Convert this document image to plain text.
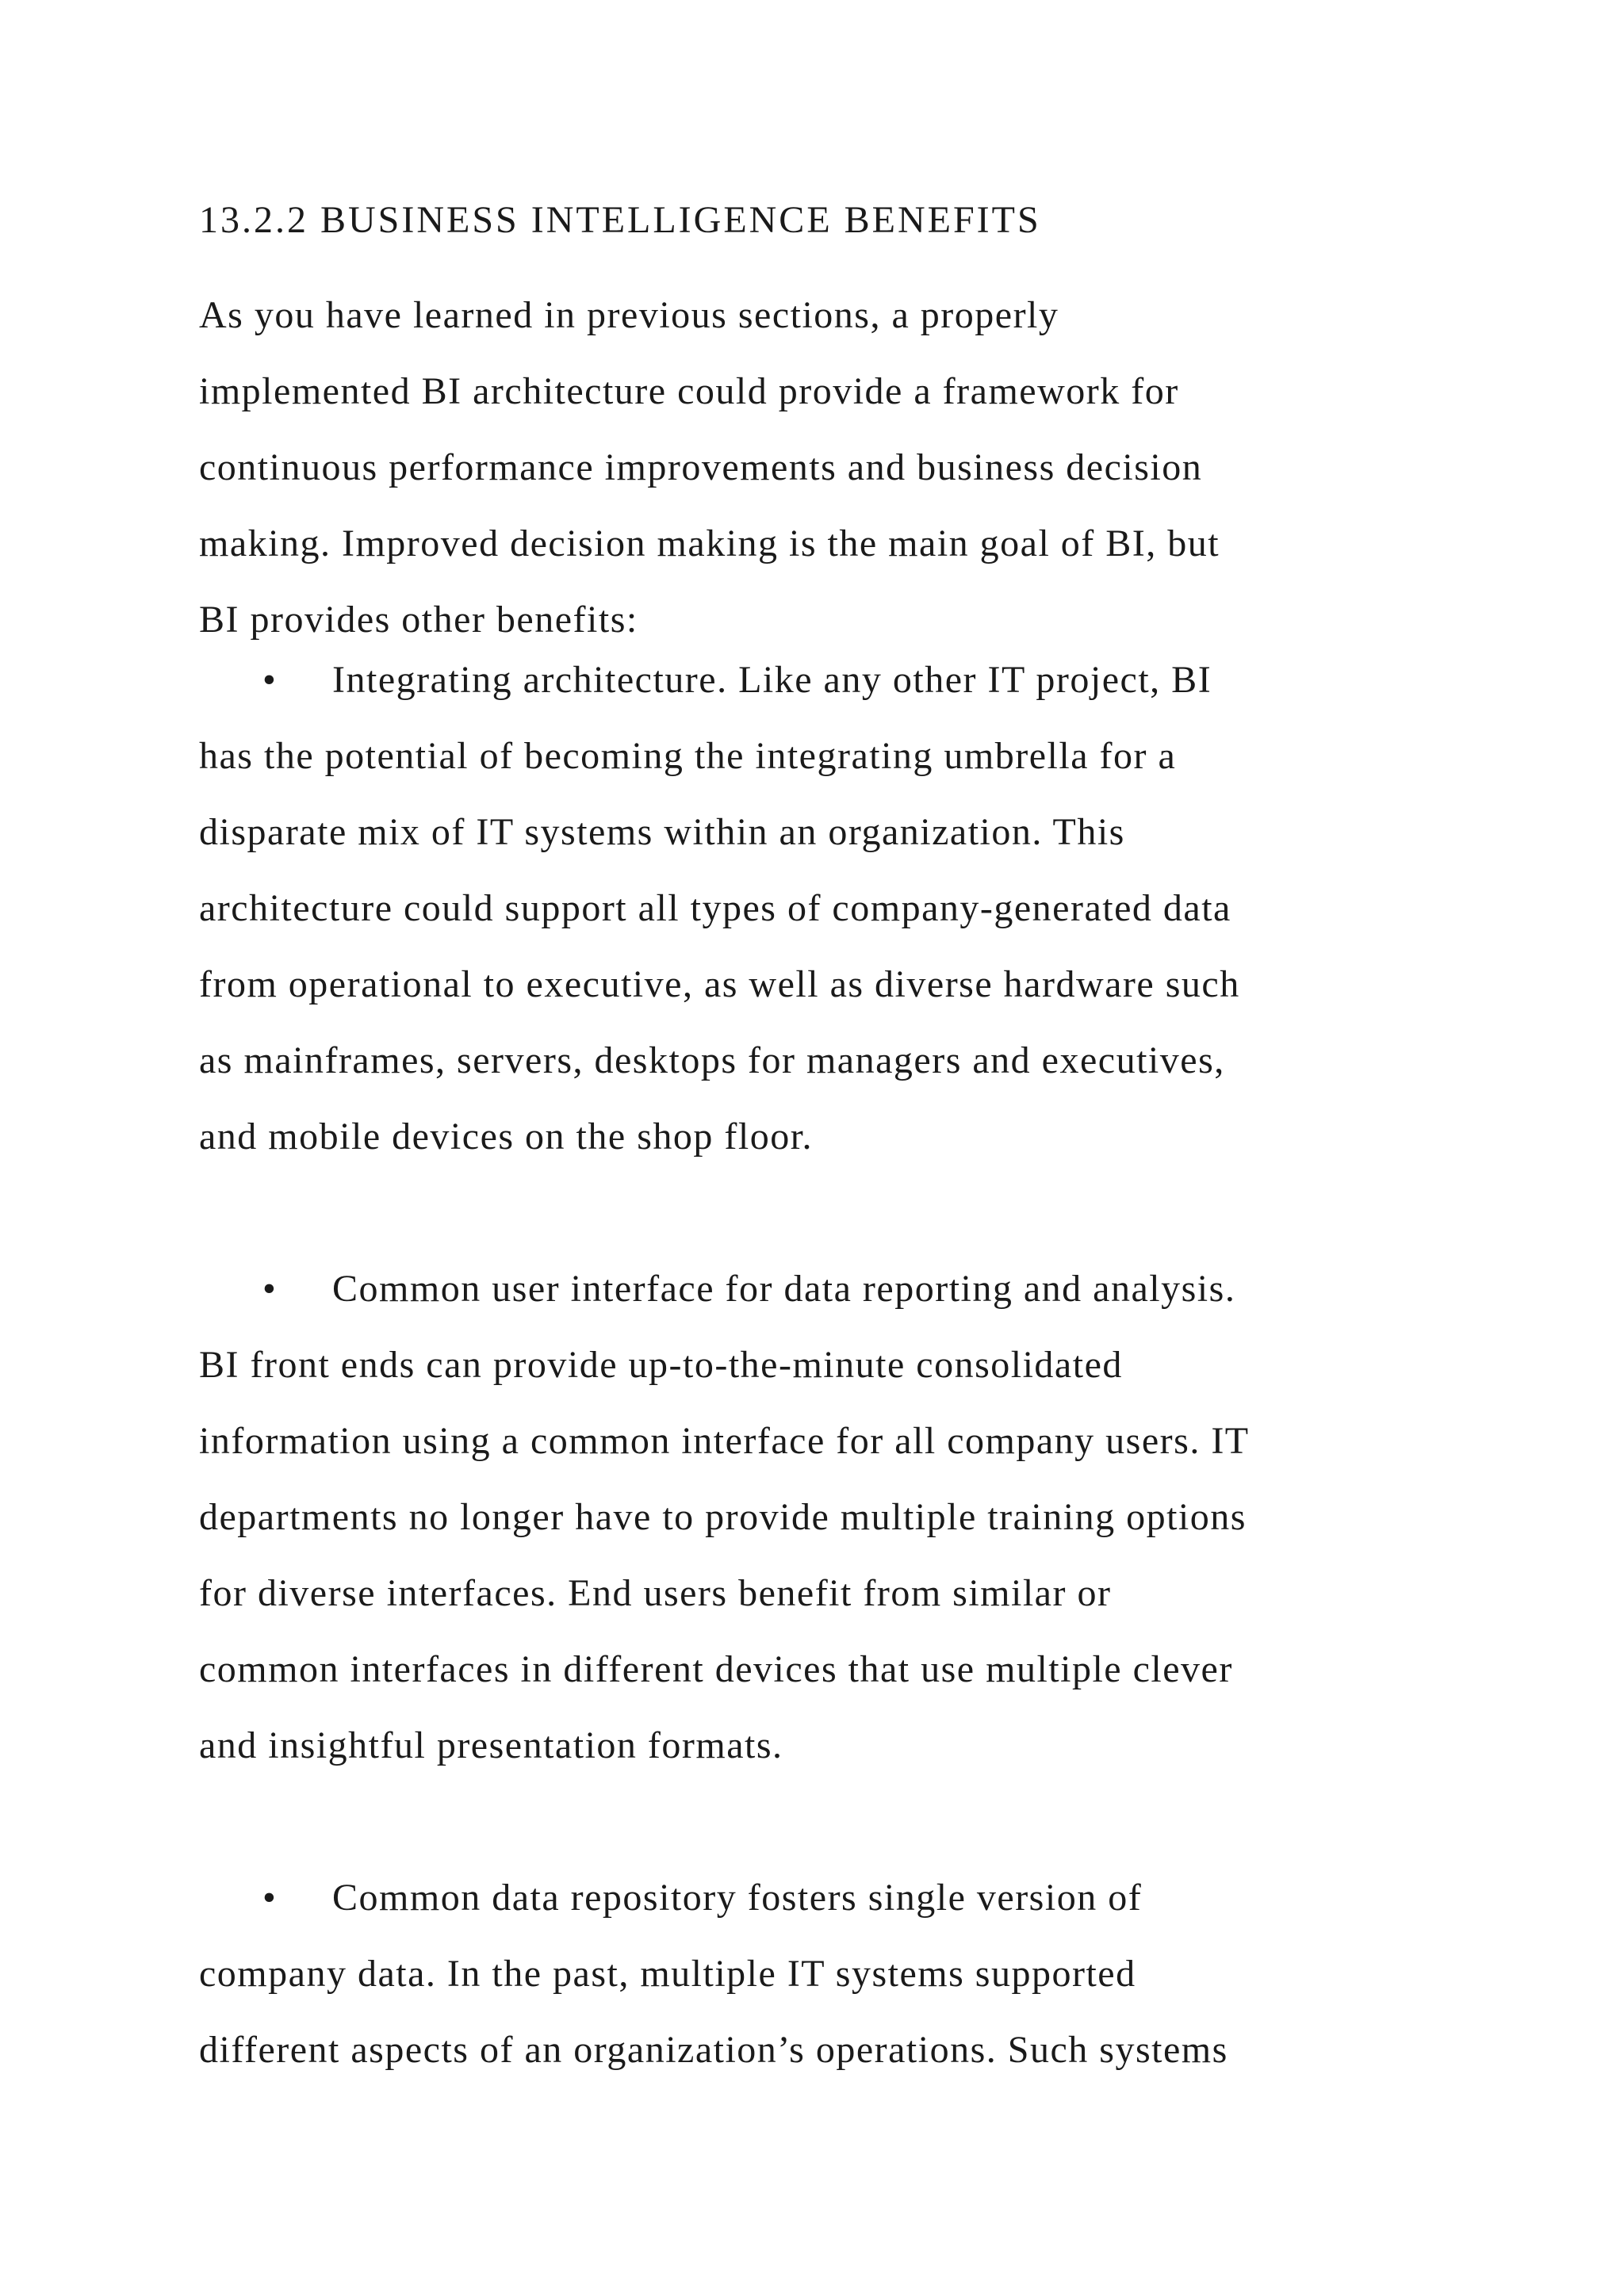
13.2.2 BUSINESS INTELLIGENCE BENEFITS
As you have learned in previous sections, a properly
implemented BI architecture could provide a framework for
continuous performance improvements and business decision
making. Improved decision making is the main goal of BI, but
BI provides other benefits:
•	Integrating architecture. Like any other IT project, BI
has the potential of becoming the integrating umbrella for a
disparate mix of IT systems within an organization. This
architecture could support all types of company-generated data
from operational to executive, as well as diverse hardware such
as mainframes, servers, desktops for managers and executives,
and mobile devices on the shop floor.
•	Common user interface for data reporting and analysis.
BI front ends can provide up-to-the-minute consolidated
information using a common interface for all company users. IT
departments no longer have to provide multiple training options
for diverse interfaces. End users benefit from similar or
common interfaces in different devices that use multiple clever
and insightful presentation formats.
•	Common data repository fosters single version of
company data. In the past, multiple IT systems supported
different aspects of an organization’s operations. Such systems
